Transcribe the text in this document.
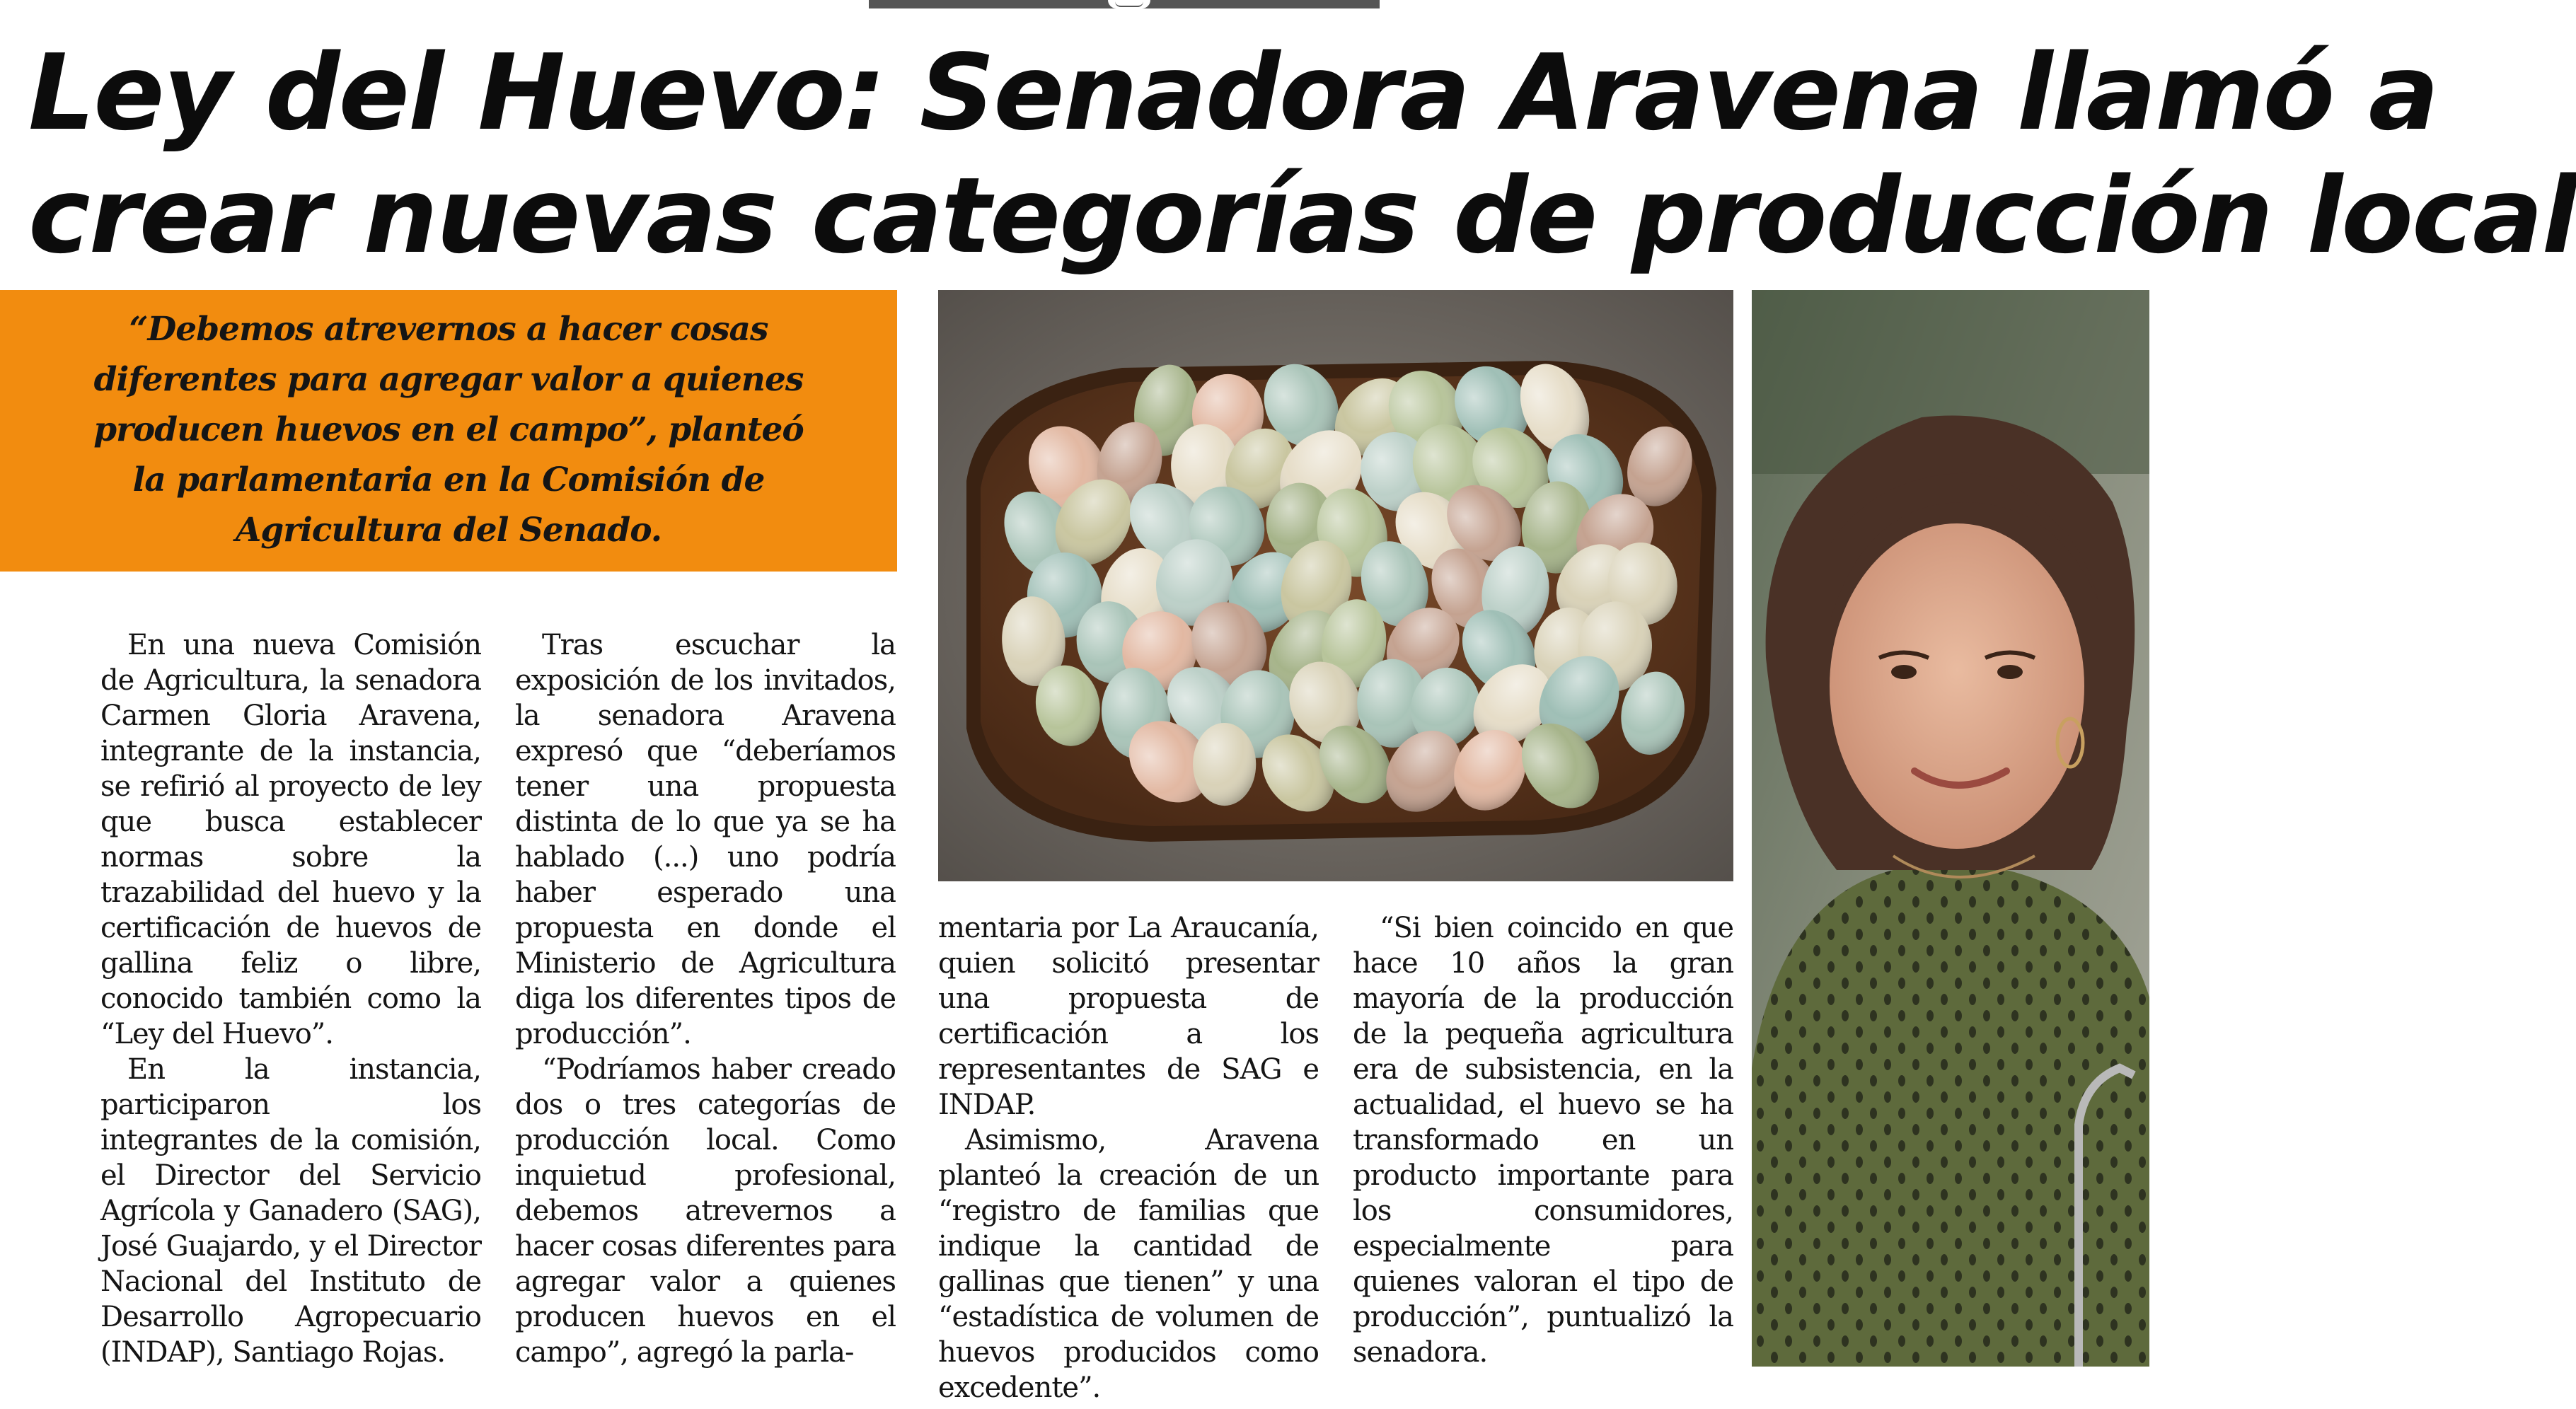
Ley del Huevo: Senadora Aravena llamó a
crear nuevas categorías de producción local

“Debemos atrevernos a hacer cosas diferentes para agregar valor a quienes producen huevos en el campo”, planteó la parlamentaria en la Comisión de Agricultura del Senado.

En una nueva Comisión de Agricultura, la senadora Carmen Gloria Aravena, integrante de la instancia, se refirió al proyecto de ley que busca establecer normas sobre la trazabilidad del huevo y la certificación de huevos de gallina feliz o libre, conocido también como la “Ley del Huevo”.

En la instancia, participaron los integrantes de la comisión, el Director del Servicio Agrícola y Ganadero (SAG), José Guajardo, y el Director Nacional del Instituto de Desarrollo Agropecuario (INDAP), Santiago Rojas.

Tras escuchar la exposición de los invitados, la senadora Aravena expresó que “deberíamos tener una propuesta distinta de lo que ya se ha hablado (...) uno podría haber esperado una propuesta en donde el Ministerio de Agricultura diga los diferentes tipos de producción”.

“Podríamos haber creado dos o tres categorías de producción local. Como inquietud profesional, debemos atrevernos a hacer cosas diferentes para agregar valor a quienes producen huevos en el campo”, agregó la parla-

mentaria por La Araucanía, quien solicitó presentar una propuesta de certificación a los representantes de SAG e INDAP.

Asimismo, Aravena planteó la creación de un “registro de familias que indique la cantidad de gallinas que tienen” y una “estadística de volumen de huevos producidos como excedente”.

“Si bien coincido en que hace 10 años la gran mayoría de la producción de la pequeña agricultura era de subsistencia, en la actualidad, el huevo se ha transformado en un producto importante para los consumidores, especialmente para quienes valoran el tipo de producción”, puntualizó la senadora.
